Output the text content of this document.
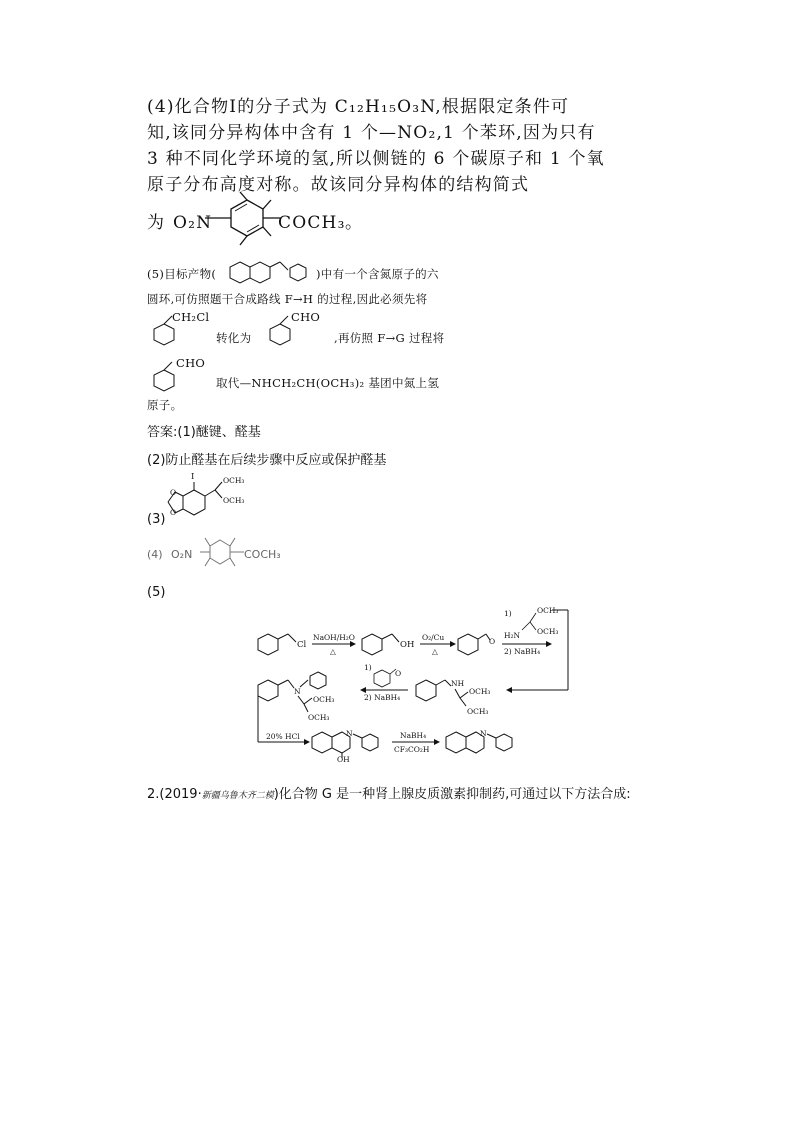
(4)化合物Ⅰ的分子式为 C₁₂H₁₅O₃N,根据限定条件可
知,该同分异构体中含有 1 个—NO₂,1 个苯环,因为只有
3 种不同化学环境的氢,所以侧链的 6 个碳原子和 1 个氧
原子分布高度对称。故该同分异构体的结构简式
为 O₂N	COCH₃ 。
(5)目标产物(	)中有一个含氮原子的六
圆环,可仿照题干合成路线 F→H 的过程,因此必须先将
CH₂Cl
转化为
CHO
,再仿照 F→G 过程将
CHO
取代—NHCH₂CH(OCH₃)₂ 基团中氮上氢
原子。
答案:(1)醚键、醛基
(2)防止醛基在后续步骤中反应或保护醛基
(3)
O
O
I	OCH₃
OCH₃
(4) O₂N	COCH₃
(5)
Cl
NaOH/H₂O
△
OH
O₂/Cu
△
O
1)	OCH₃
OCH₃
H₂N
2) NaBH₄
NH
OCH₃
OCH₃
1)
O
2) NaBH₄
N
OCH₃
OCH₃
20% HCl	N
OH
NaBH₄
CF₃CO₂H
N
2.(2019·新疆乌鲁木齐二模)化合物 G 是一种肾上腺皮质激素抑制药,可通过以下方法合成:
